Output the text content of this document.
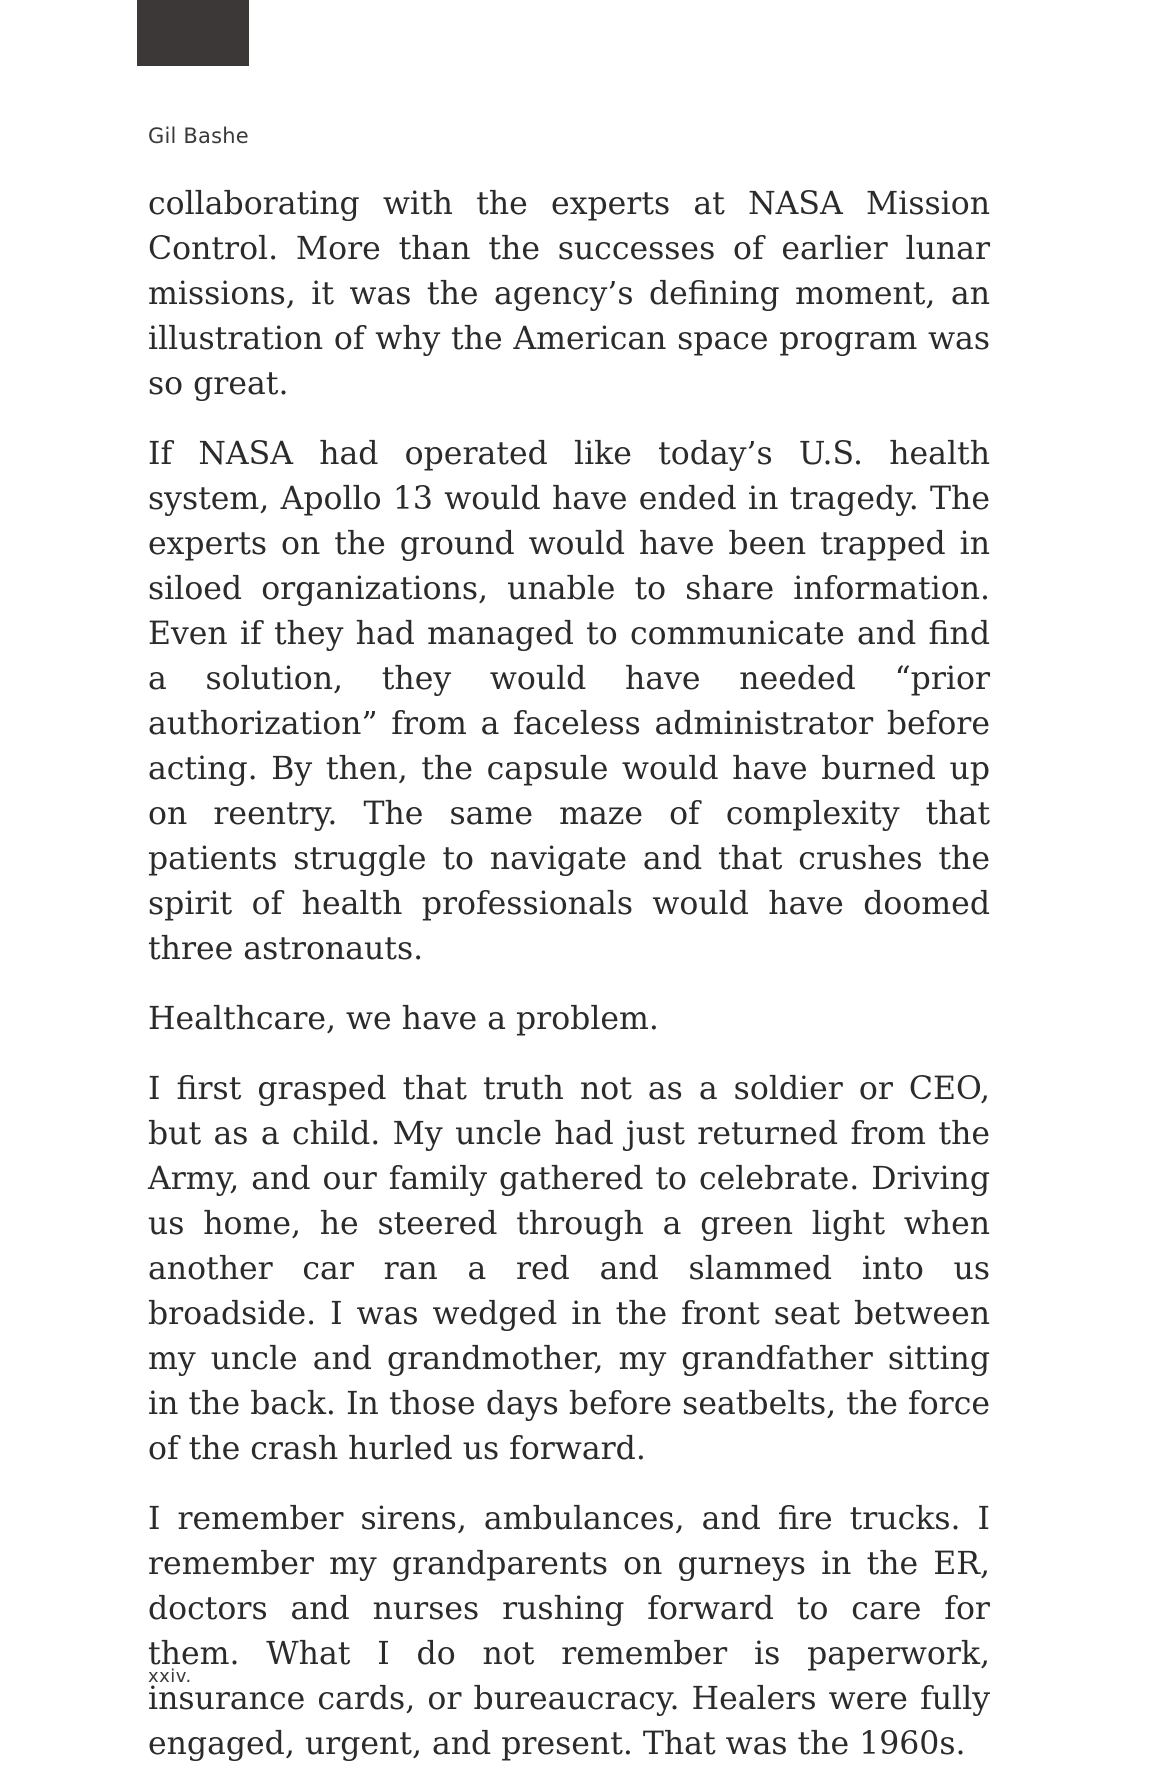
Gil Bashe

collaborating with the experts at NASA Mission Control. More than the successes of earlier lunar missions, it was the agency’s defining moment, an illustration of why the American space program was so great.

If NASA had operated like today’s U.S. health system, Apollo 13 would have ended in tragedy. The experts on the ground would have been trapped in siloed organizations, unable to share information. Even if they had managed to communicate and find a solution, they would have needed “prior authorization” from a faceless administrator before acting. By then, the capsule would have burned up on reentry. The same maze of complexity that patients struggle to navigate and that crushes the spirit of health professionals would have doomed three astronauts.

Healthcare, we have a problem.

I first grasped that truth not as a soldier or CEO, but as a child. My uncle had just returned from the Army, and our family gathered to celebrate. Driving us home, he steered through a green light when another car ran a red and slammed into us broadside. I was wedged in the front seat between my uncle and grandmother, my grandfather sitting in the back. In those days before seatbelts, the force of the crash hurled us forward.

I remember sirens, ambulances, and fire trucks. I remember my grandparents on gurneys in the ER, doctors and nurses rushing forward to care for them. What I do not remember is paperwork, insurance cards, or bureaucracy. Healers were fully engaged, urgent, and present. That was the 1960s.

xxiv.
